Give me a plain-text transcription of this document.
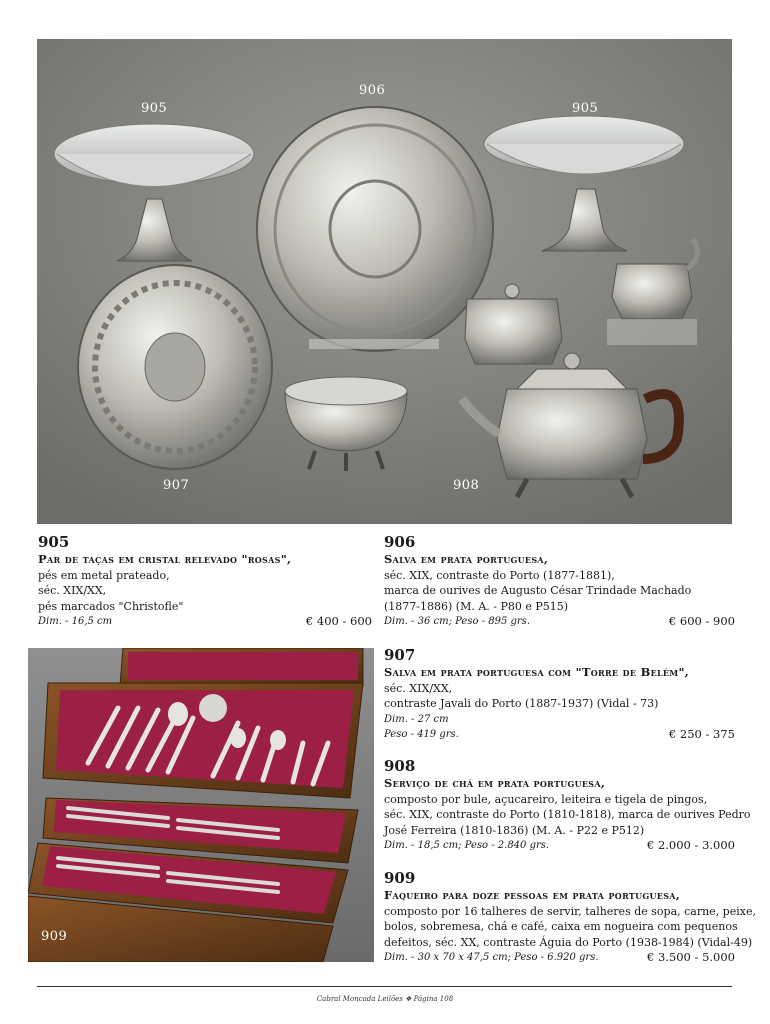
905
906
905
907	908
905
Par de taças em cristal relevado "rosas",
pés em metal prateado,
séc. XIX/XX,
pés marcados "Christofle"
Dim. - 16,5 cm	€ 400 - 600
906
Salva em prata portuguesa,
séc. XIX, contraste do Porto (1877-1881),
marca de ourives de Augusto César Trindade Machado
(1877-1886) (M. A. - P80 e P515)
Dim. - 36 cm; Peso - 895 grs.	€ 600 - 900
909
907
Salva em prata portuguesa com "Torre de Belém",
séc. XIX/XX,
contraste Javali do Porto (1887-1937) (Vidal - 73)
Dim. - 27 cm
Peso - 419 grs.	€ 250 - 375
908
Serviço de chá em prata portuguesa,
composto por bule, açucareiro, leiteira e tigela de pingos,
séc. XIX, contraste do Porto (1810-1818), marca de ourives Pedro
José Ferreira (1810-1836) (M. A. - P22 e P512)
Dim. - 18,5 cm; Peso - 2.840 grs.	€ 2.000 - 3.000
909
Faqueiro para doze pessoas em prata portuguesa,
composto por 16 talheres de servir, talheres de sopa, carne, peixe,
bolos, sobremesa, chá e café, caixa em nogueira com pequenos
defeitos, séc. XX, contraste Águia do Porto (1938-1984) (Vidal-49)
Dim. - 30 x 70 x 47,5 cm; Peso - 6.920 grs.	€ 3.500 - 5.000
Cabral Moncada Leilões ❖ Página 108
